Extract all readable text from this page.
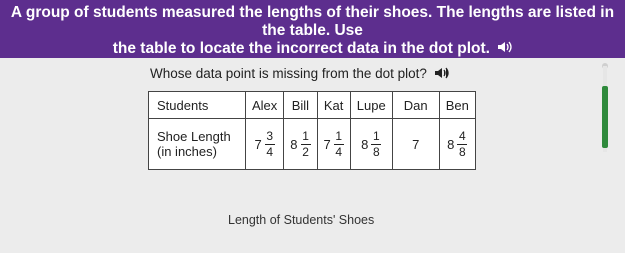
A group of students measured the lengths of their shoes. The lengths are listed in the table. Use
the table to locate the incorrect data in the dot plot.
Whose data point is missing from the dot plot?
Students	Alex	Bill	Kat	Lupe	Dan	Ben
Shoe Length (in inches)	$7 \frac{3}{4}$	$8 \frac{1}{2}$	$7 \frac{1}{4}$	$8 \frac{1}{8}$	7	$8 \frac{4}{8}$
Length of Students' Shoes
